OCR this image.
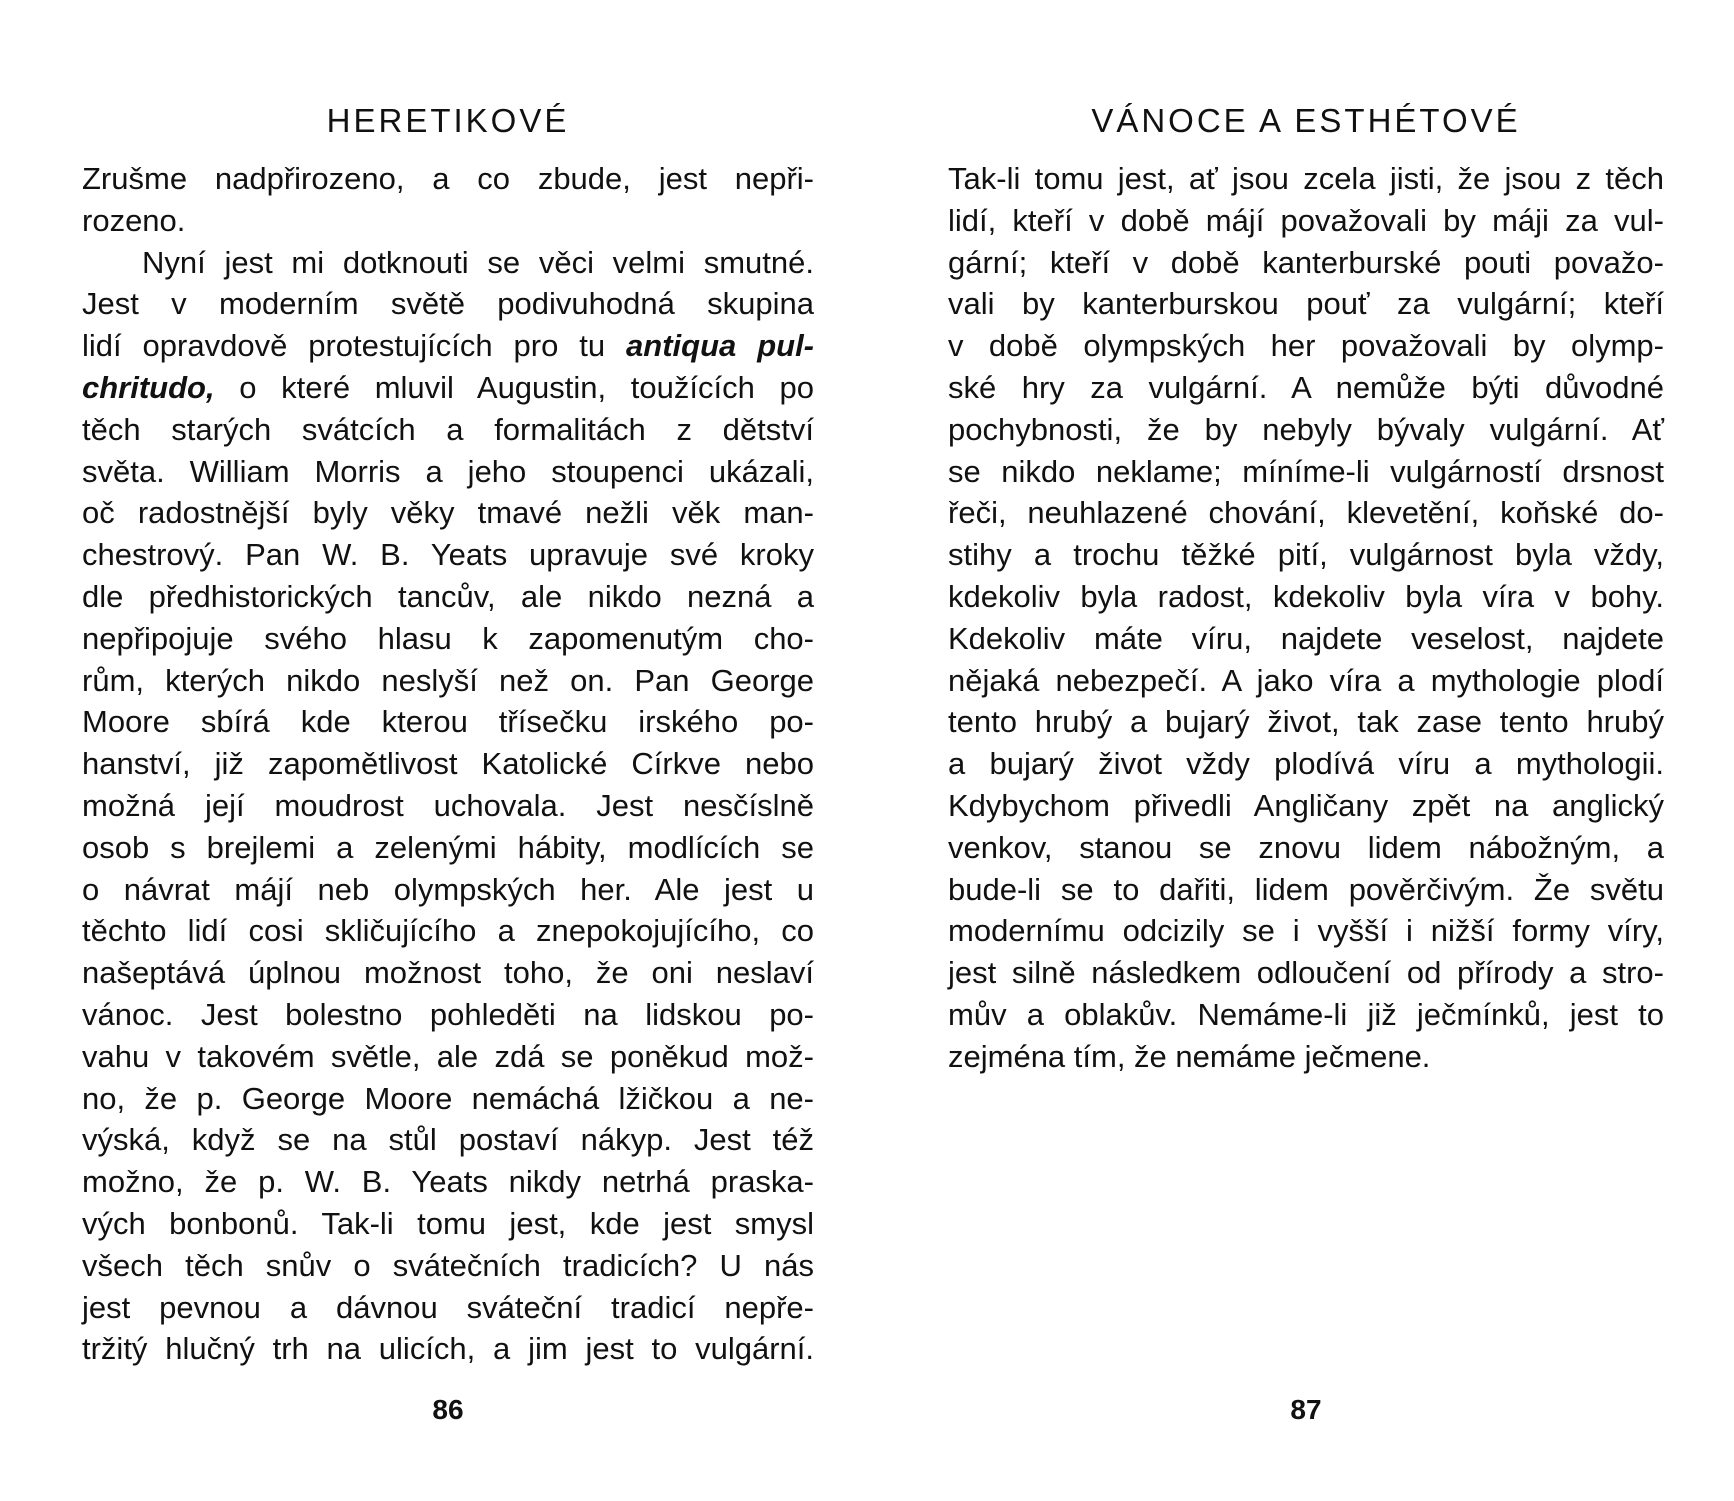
HERETIKOVÉ
Zrušme nadpřirozeno, a co zbude, jest nepři-
rozeno.
Nyní jest mi dotknouti se věci velmi smutné.
Jest v moderním světě podivuhodná skupina
lidí opravdově protestujících pro tu antiqua pul-
chritudo, o které mluvil Augustin, toužících po
těch starých svátcích a formalitách z dětství
světa. William Morris a jeho stoupenci ukázali,
oč radostnější byly věky tmavé nežli věk man-
chestrový. Pan W. B. Yeats upravuje své kroky
dle předhistorických tancův, ale nikdo nezná a
nepřipojuje svého hlasu k zapomenutým cho-
rům, kterých nikdo neslyší než on. Pan George
Moore sbírá kde kterou třísečku irského po-
hanství, již zapomětlivost Katolické Církve nebo
možná její moudrost uchovala. Jest nesčíslně
osob s brejlemi a zelenými hábity, modlících se
o návrat májí neb olympských her. Ale jest u
těchto lidí cosi skličujícího a znepokojujícího, co
našeptává úplnou možnost toho, že oni neslaví
vánoc. Jest bolestno pohleděti na lidskou po-
vahu v takovém světle, ale zdá se poněkud mož-
no, že p. George Moore nemáchá lžičkou a ne-
výská, když se na stůl postaví nákyp. Jest též
možno, že p. W. B. Yeats nikdy netrhá praska-
vých bonbonů. Tak-li tomu jest, kde jest smysl
všech těch snův o svátečních tradicích? U nás
jest pevnou a dávnou sváteční tradicí nepře-
tržitý hlučný trh na ulicích, a jim jest to vulgární.
86
VÁNOCE A ESTHÉTOVÉ
Tak-li tomu jest, ať jsou zcela jisti, že jsou z těch
lidí, kteří v době májí považovali by máji za vul-
gární; kteří v době kanterburské pouti považo-
vali by kanterburskou pouť za vulgární; kteří
v době olympských her považovali by olymp-
ské hry za vulgární. A nemůže býti důvodné
pochybnosti, že by nebyly bývaly vulgární. Ať
se nikdo neklame; míníme-li vulgárností drsnost
řeči, neuhlazené chování, klevetění, koňské do-
stihy a trochu těžké pití, vulgárnost byla vždy,
kdekoliv byla radost, kdekoliv byla víra v bohy.
Kdekoliv máte víru, najdete veselost, najdete
nějaká nebezpečí. A jako víra a mythologie plodí
tento hrubý a bujarý život, tak zase tento hrubý
a bujarý život vždy plodívá víru a mythologii.
Kdybychom přivedli Angličany zpět na anglický
venkov, stanou se znovu lidem nábožným, a
bude-li se to dařiti, lidem pověrčivým. Že světu
modernímu odcizily se i vyšší i nižší formy víry,
jest silně následkem odloučení od přírody a stro-
mův a oblakův. Nemáme-li již ječmínků, jest to
zejména tím, že nemáme ječmene.
87
